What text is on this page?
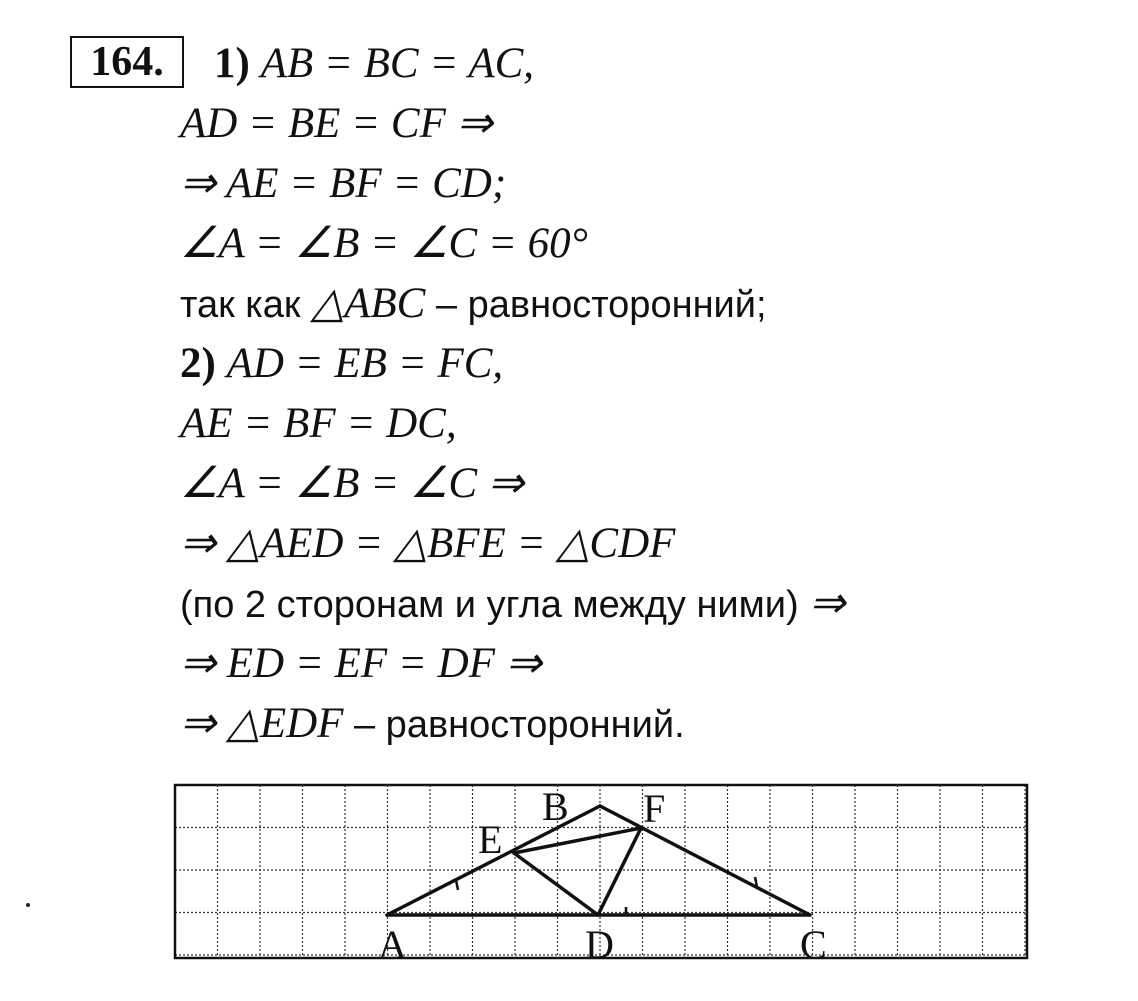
164.	1) AB = BC = AC,
AD = BE = CF ⇒
⇒ AE = BF = CD;
∠A = ∠B = ∠C = 60°
так как △ABC – равносторонний;
2) AD = EB = FC,
AE = BF = DC,
∠A = ∠B = ∠C ⇒
⇒ △AED = △BFE = △CDF
(по 2 сторонам и угла между ними) ⇒
⇒ ED = EF = DF ⇒
⇒ △EDF – равносторонний.
A
B
C
D
E
F
